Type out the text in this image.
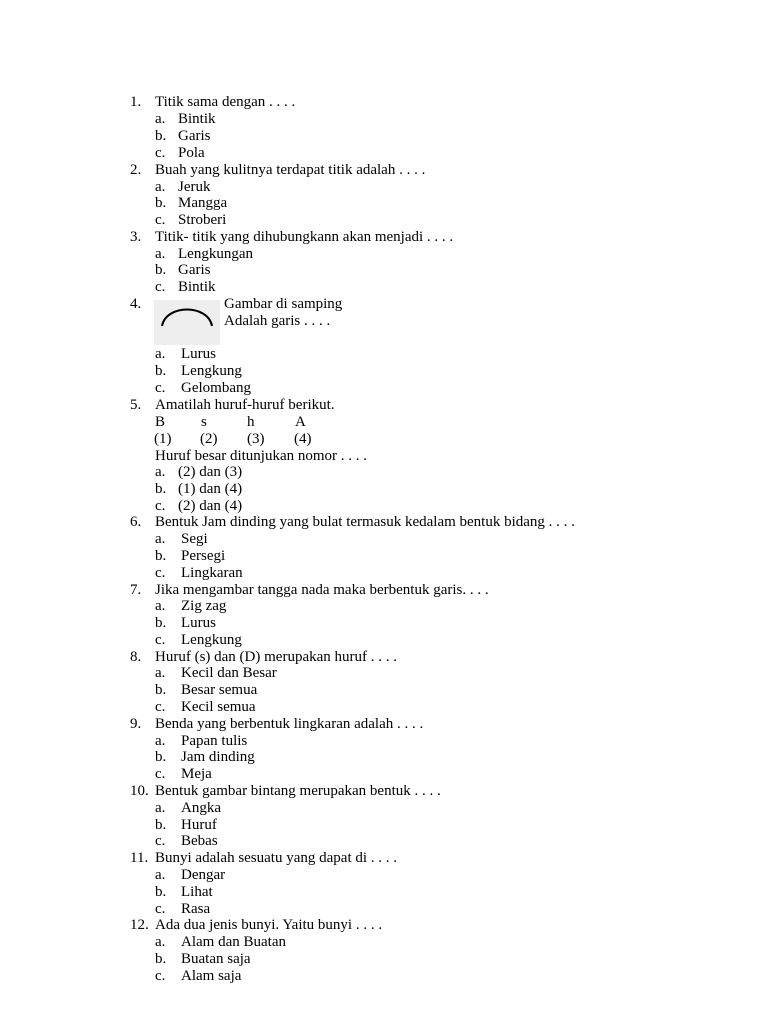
1. Titik sama dengan . . . .
a. Bintik
b. Garis
c. Pola
2. Buah yang kulitnya terdapat titik adalah . . . .
a. Jeruk
b. Mangga
c. Stroberi
3. Titik- titik yang dihubungkann akan menjadi . . . .
a. Lengkungan
b. Garis
c. Bintik
4.	Gambar di samping
Adalah garis . . . .
a. Lurus
b. Lengkung
c. Gelombang
5. Amatilah huruf-huruf berikut.
B s	h	A
(1) (2) (3) (4)
Huruf besar ditunjukan nomor . . . .
a. (2) dan (3)
b. (1) dan (4)
c. (2) dan (4)
6. Bentuk Jam dinding yang bulat termasuk kedalam bentuk bidang . . . .
a. Segi
b. Persegi
c. Lingkaran
7. Jika mengambar tangga nada maka berbentuk garis. . . .
a. Zig zag
b. Lurus
c. Lengkung
8. Huruf (s) dan (D) merupakan huruf . . . .
a. Kecil dan Besar
b. Besar semua
c. Kecil semua
9. Benda yang berbentuk lingkaran adalah . . . .
a. Papan tulis
b. Jam dinding
c. Meja
10. Bentuk gambar bintang merupakan bentuk . . . .
a. Angka
b. Huruf
c. Bebas
11. Bunyi adalah sesuatu yang dapat di . . . .
a. Dengar
b. Lihat
c. Rasa
12. Ada dua jenis bunyi. Yaitu bunyi . . . .
a. Alam dan Buatan
b. Buatan saja
c. Alam saja
